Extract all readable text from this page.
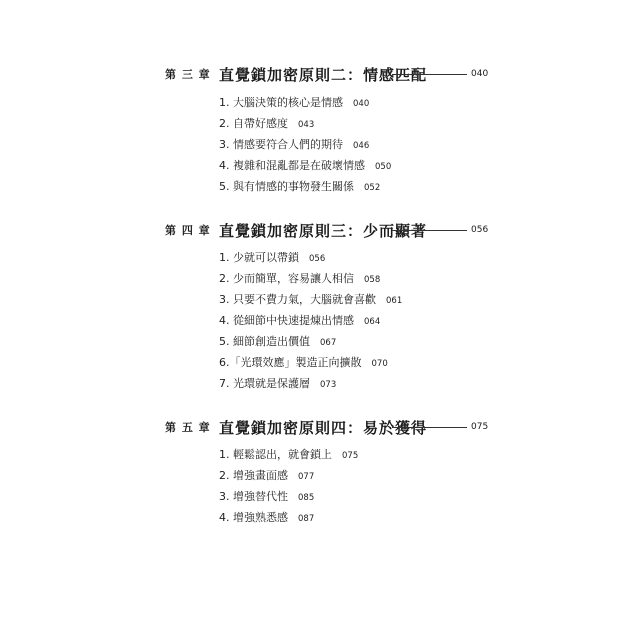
第 三 章 直覺鎖加密原則二：情感匹配	040
1. 大腦決策的核心是情感 040
2. 自帶好感度 043
3. 情感要符合人們的期待 046
4. 複雜和混亂都是在破壞情感 050
5. 與有情感的事物發生關係 052
第 四 章 直覺鎖加密原則三：少而顯著	056
1. 少就可以帶鎖 056
2. 少而簡單，容易讓人相信 058
3. 只要不費力氣，大腦就會喜歡 061
4. 從細節中快速提煉出情感 064
5. 細節創造出價值 067
6.「光環效應」製造正向擴散 070
7. 光環就是保護層 073
第 五 章 直覺鎖加密原則四：易於獲得	075
1. 輕鬆認出，就會鎖上 075
2. 增強畫面感 077
3. 增強替代性 085
4. 增強熟悉感 087
